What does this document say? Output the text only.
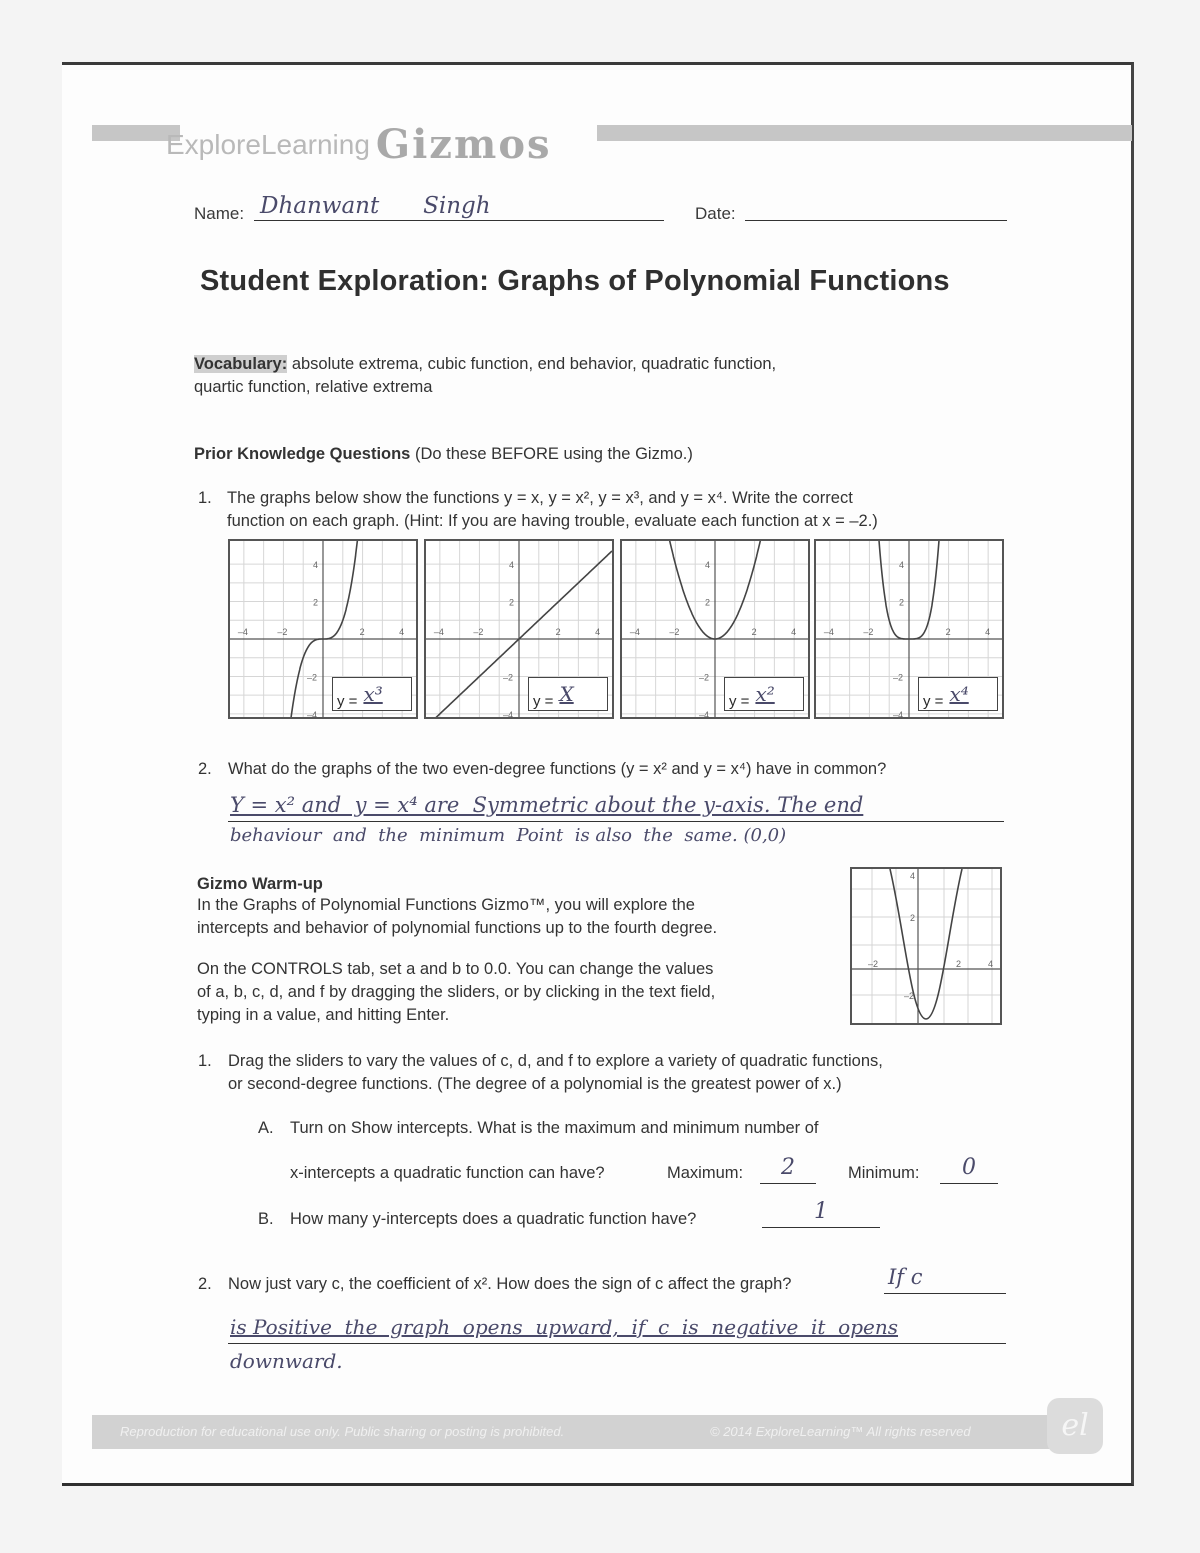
ExploreLearning Gizmos
Name: Dhanwant      Singh	Date:
Student Exploration: Graphs of Polynomial Functions
Vocabulary: absolute extrema, cubic function, end behavior, quadratic function,
quartic function, relative extrema
Prior Knowledge Questions (Do these BEFORE using the Gizmo.)
1. The graphs below show the functions y = x, y = x², y = x³, and y = x⁴. Write the correct
function on each graph. (Hint: If you are having trouble, evaluate each function at x = –2.)
–4	–2	2	4
4
2
–2
–4
y = x³
–4	–2	2	4
4
2
–2
–4
y = X
–4	–2	2	4
4
2
–2
–4
y = x²
–4	–2	2	4
4
2
–2
–4
y = x⁴
2. What do the graphs of the two even-degree functions (y = x² and y = x⁴) have in common?
Y = x² and  y = x⁴ are  Symmetric about the y-axis. The end
behaviour  and  the  minimum  Point  is also  the  same. (0,0)
Gizmo Warm-up
In the Graphs of Polynomial Functions Gizmo™, you will explore the
intercepts and behavior of polynomial functions up to the fourth degree.
On the CONTROLS tab, set a and b to 0.0. You can change the values
of a, b, c, d, and f by dragging the sliders, or by clicking in the text field,
typing in a value, and hitting Enter.
4
2
–2	2	4
–2
1. Drag the sliders to vary the values of c, d, and f to explore a variety of quadratic functions,
or second-degree functions. (The degree of a polynomial is the greatest power of x.)
A. Turn on Show intercepts. What is the maximum and minimum number of
x-intercepts a quadratic function can have?	Maximum:	2	Minimum:	0
B. How many y-intercepts does a quadratic function have?	1
2. Now just vary c, the coefficient of x². How does the sign of c affect the graph?	If c
is Positive  the  graph  opens  upward,  if  c  is  negative  it  opens
downward.
Reproduction for educational use only. Public sharing or posting is prohibited.	© 2014 ExploreLearning™ All rights reserved	el
